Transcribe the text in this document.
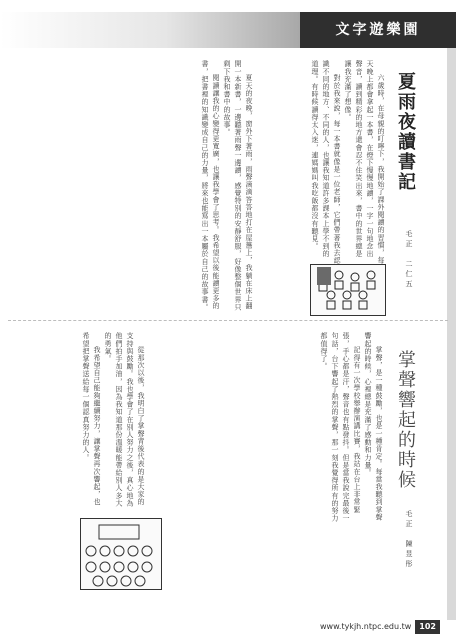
文字遊樂園
夏雨夜讀書記
毛正　二仁五

六歲時，在母親的叮嚀下，我開始了課外閱讀的習慣，每天晚上都會拿起一本書，在燈下慢慢地讀，一字一句地念出聲音，讀到精彩的地方還會忍不住笑出來，書中的世界總是讓我充滿了想像。

對於我來說，每一本書就像是一位老師，它們帶著我去認識不同的地方、不同的人，也讓我知道許多課本上學不到的道理。有時候讀得太入迷，連媽媽叫我吃飯都沒有聽見。

夏天的夜晚，窗外下著雨，雨聲滴滴答答地打在屋簷上，我躺在床上翻開一本新書，一邊聽著雨聲一邊讀，感覺特別的安靜舒服，好像整個世界只剩下我和書中的故事。

閱讀讓我的心變得更寬廣，也讓我學會了思考。我希望以後能讀更多的書，把書裡的知識變成自己的力量，將來也能寫出一本屬於自己的故事書。

掌聲響起的時候
毛正　陳昱彤

掌聲，是一種鼓勵，也是一種肯定。每當我聽到掌聲響起的時候，心裡總是充滿了感動和力量。

記得有一次學校舉辦演講比賽，我站在台上非常緊張，手心都是汗，聲音也有點發抖。但是當我說完最後一句話，台下響起了熱烈的掌聲，那一刻我覺得所有的努力都值得了。

從那次以後，我明白了掌聲背後代表的是大家的支持與鼓勵。我也學會了在別人努力之後，真心地為他們拍手加油，因為我知道那份溫暖能帶給別人多大的勇氣。

我希望自己能夠繼續努力，讓掌聲再次響起，也希望把掌聲送給每一個認真努力的人。

www.tykjh.ntpc.edu.tw 102
